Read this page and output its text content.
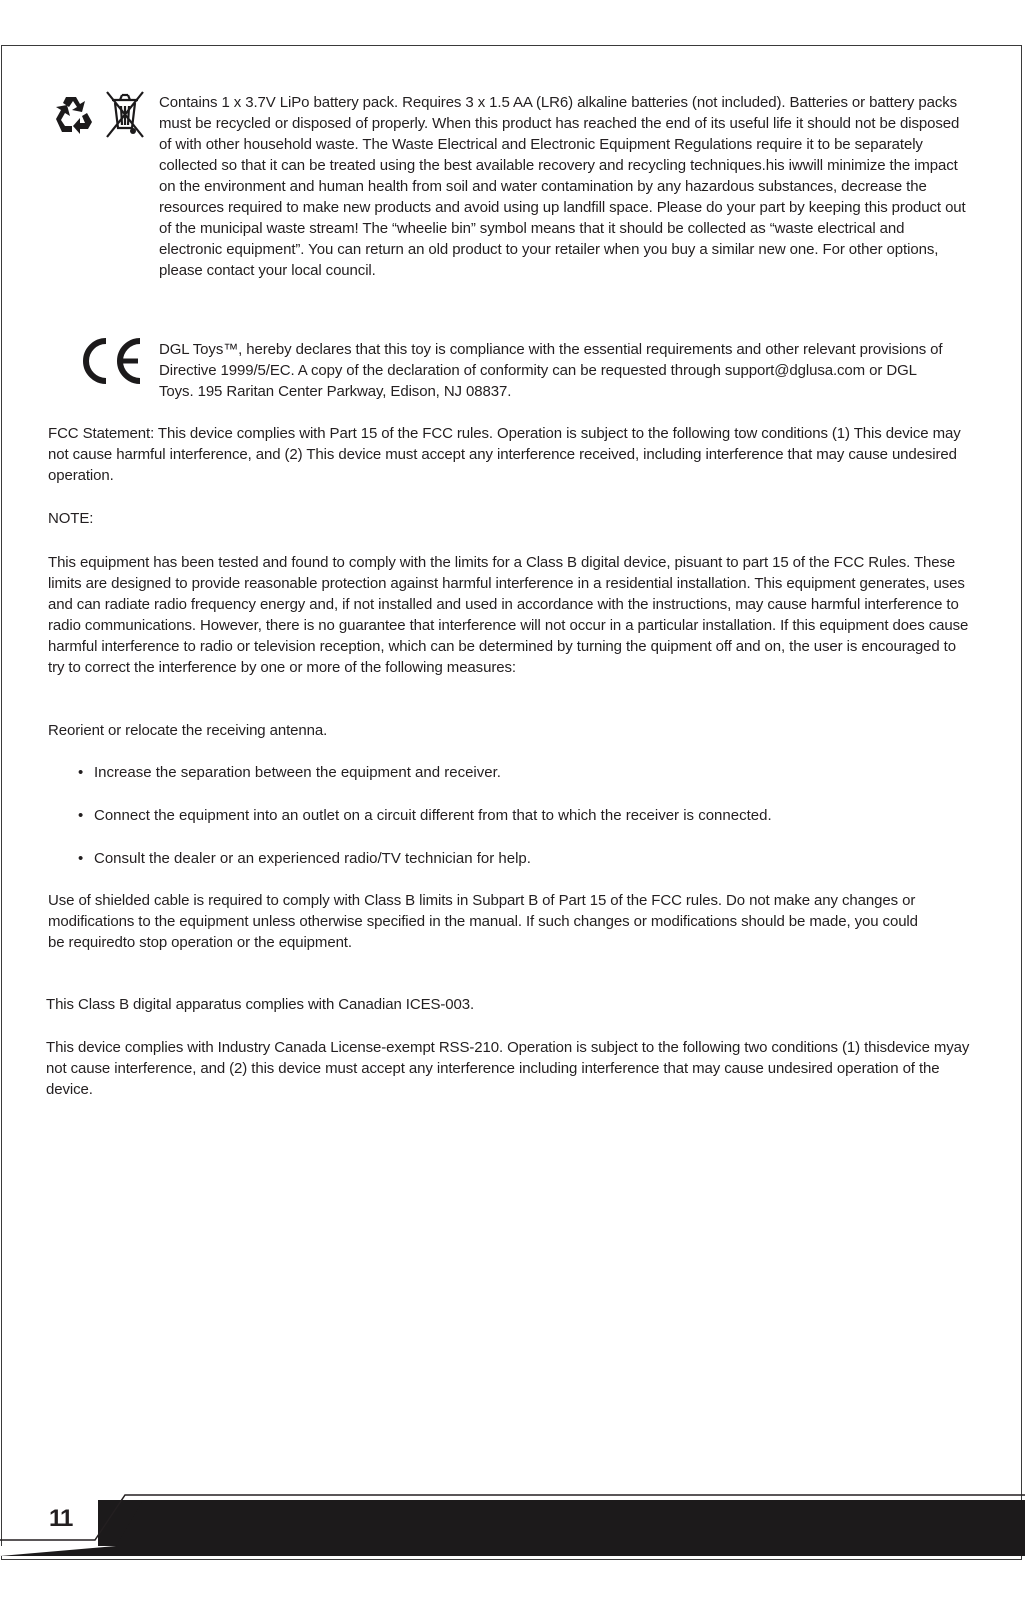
Contains 1 x 3.7V LiPo battery pack. Requires 3 x 1.5 AA (LR6) alkaline batteries (not included). Batteries or battery packs must be recycled or disposed of properly. When this product has reached the end of its useful life it should not be disposed of with other household waste. The Waste Electrical and Electronic Equipment Regulations require it to be separately collected so that it can be treated using the best available recovery and recycling techniques.his iwwill minimize the impact on the environment and human health from soil and water contamination by any hazardous substances, decrease the resources required to make new products and avoid using up landfill space. Please do your part by keeping this product out of the municipal waste stream! The “wheelie bin” symbol means that it should be collected as “waste electrical and electronic equipment”. You can return an old product to your retailer when you buy a similar new one. For other options, please contact your local council.

DGL Toys™, hereby declares that this toy is compliance with the essential requirements and other relevant provisions of Directive 1999/5/EC. A copy of the declaration of conformity can be requested through support@dglusa.com or DGL Toys. 195 Raritan Center Parkway, Edison, NJ 08837.

FCC Statement: This device complies with Part 15 of the FCC rules. Operation is subject to the following tow conditions (1) This device may not cause harmful interference, and (2) This device must accept any interference received, including interference that may cause undesired operation.

NOTE:

This equipment has been tested and found to comply with the limits for a Class B digital device, pisuant to part 15 of the FCC Rules. These limits are designed to provide reasonable protection against harmful interference in a residential installation. This equipment generates, uses and can radiate radio frequency energy and, if not installed and used in accordance with the instructions, may cause harmful interference to radio communications. However, there is no guarantee that interference will not occur in a particular installation. If this equipment does cause harmful interference to radio or television reception, which can be determined by turning the quipment off and on, the user is encouraged to try to correct the interference by one or more of the following measures:

Reorient or relocate the receiving antenna.

• Increase the separation between the equipment and receiver.
• Connect the equipment into an outlet on a circuit different from that to which the receiver is connected.
• Consult the dealer or an experienced radio/TV technician for help.

Use of shielded cable is required to comply with Class B limits in Subpart B of Part 15 of the FCC rules. Do not make any changes or modifications to the equipment unless otherwise specified in the manual. If such changes or modifications should be made, you could be requiredto stop operation or the equipment.

This Class B digital apparatus complies with Canadian ICES-003.

This device complies with Industry Canada License-exempt RSS-210. Operation is subject to the following two conditions (1) thisdevice myay not cause interference, and (2) this device must accept any interference including interference that may cause undesired operation of the device.

11
